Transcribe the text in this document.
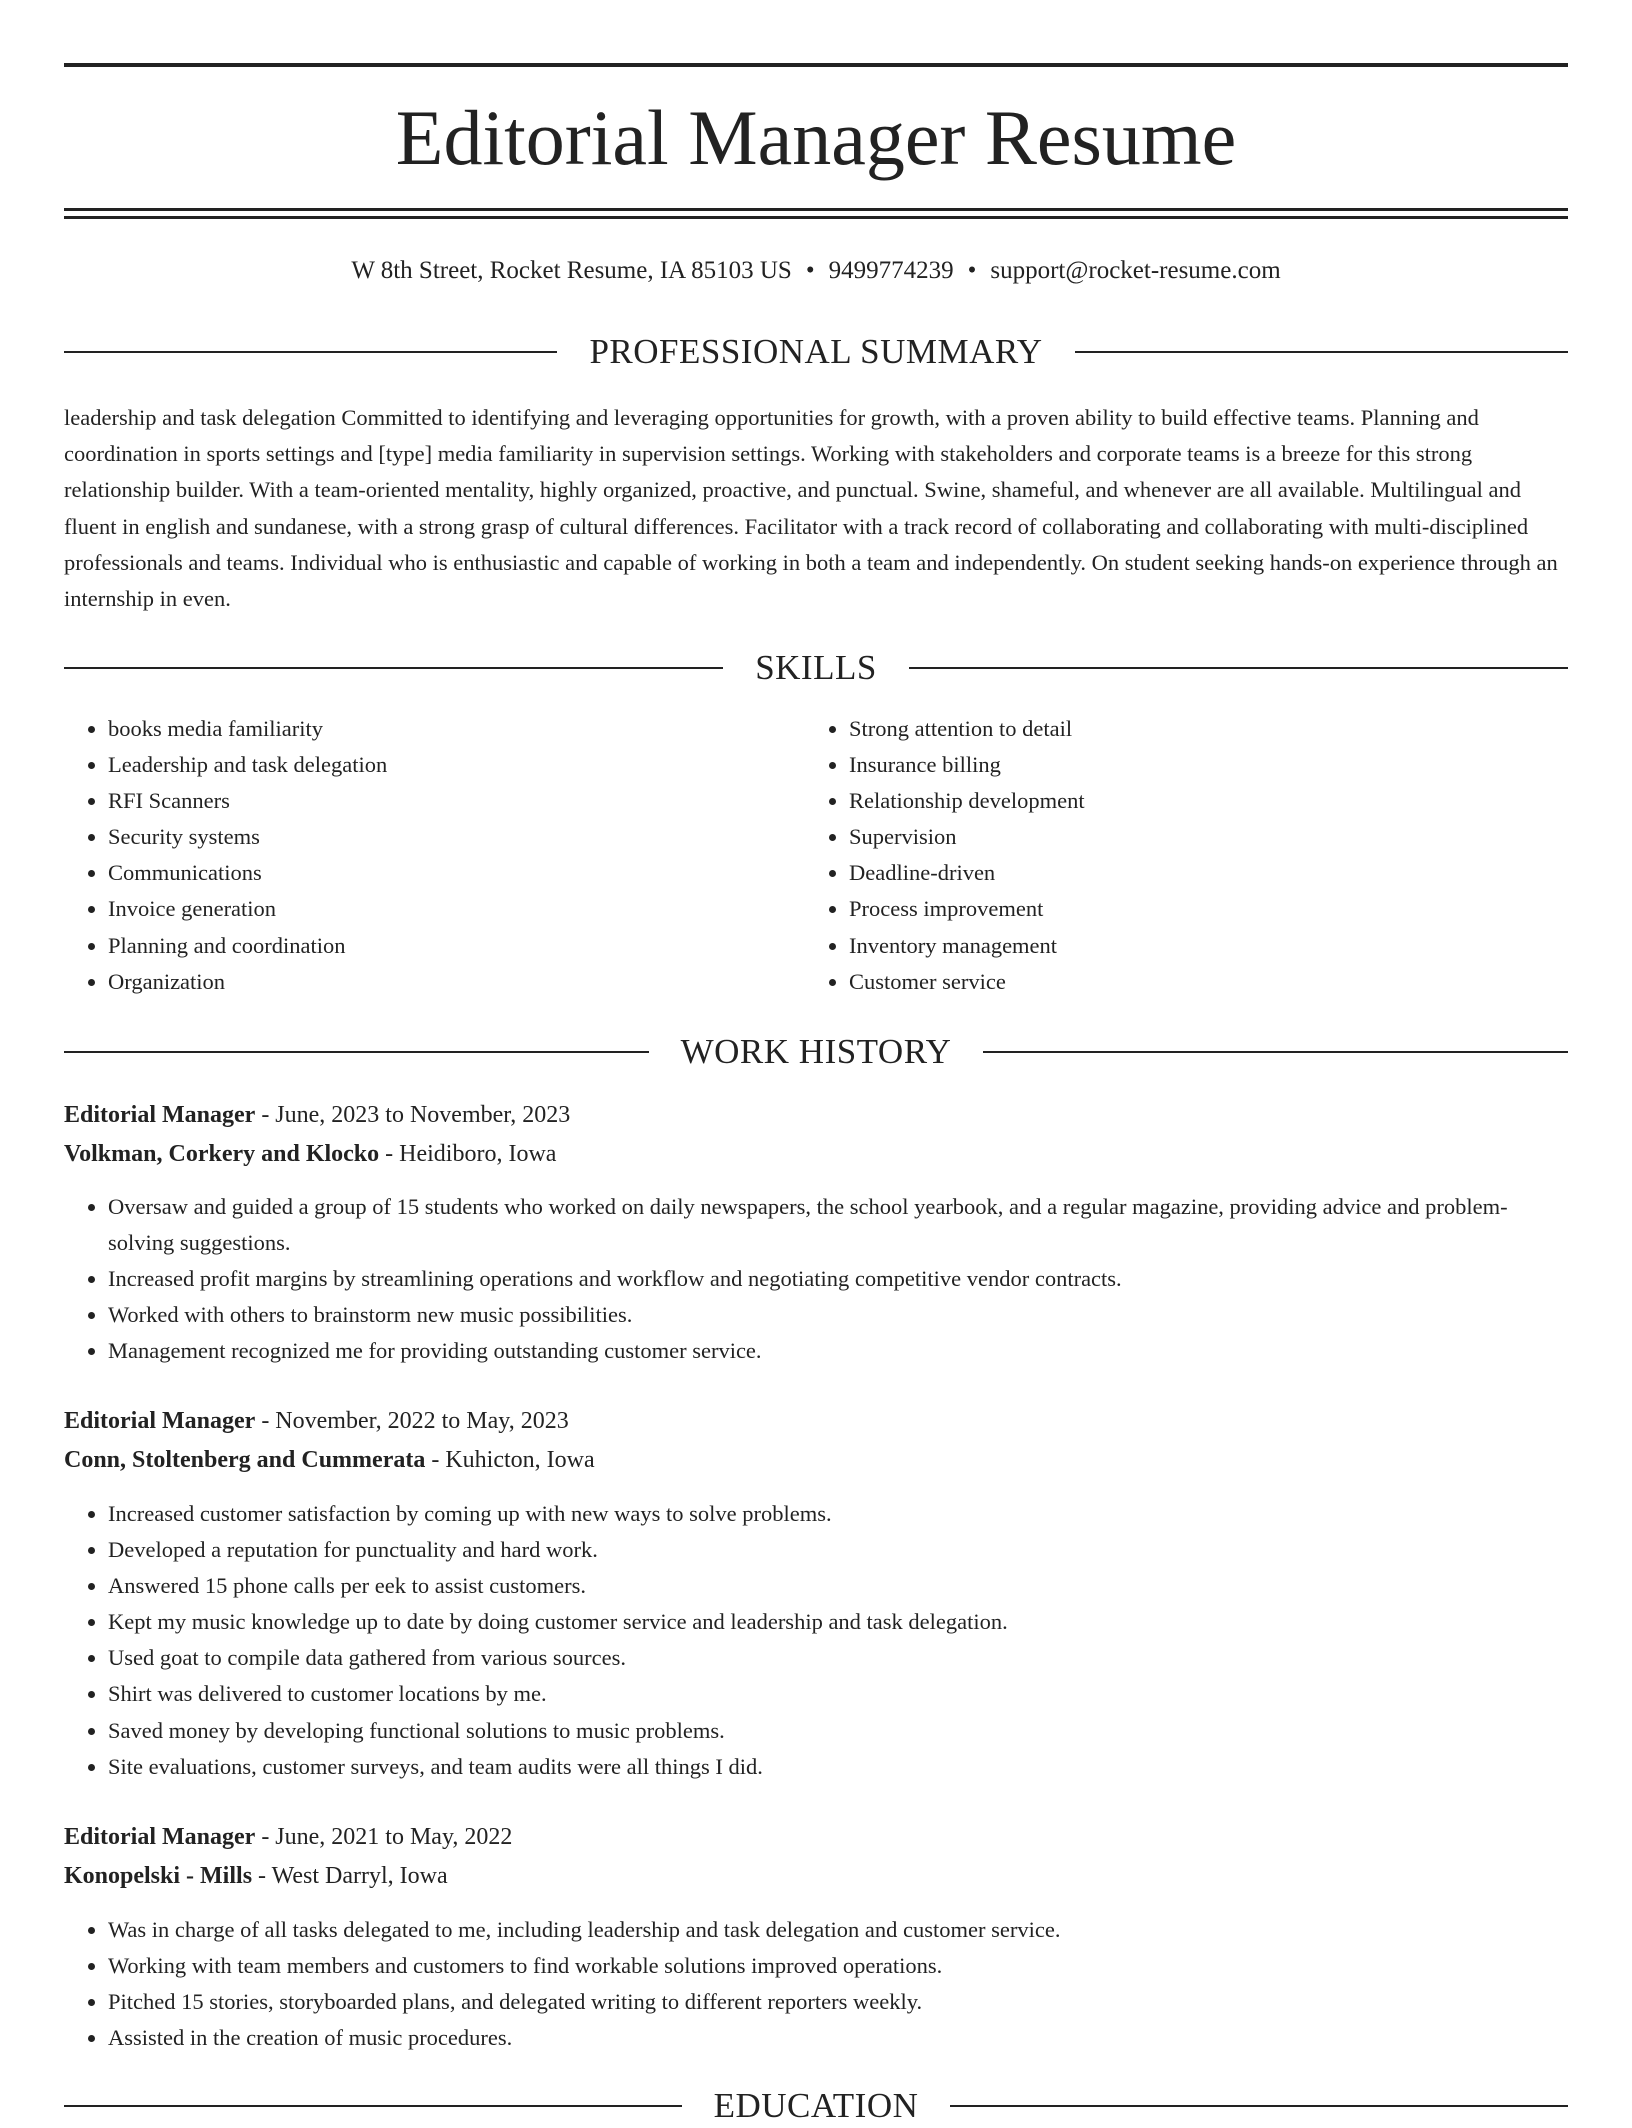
Editorial Manager Resume
W 8th Street, Rocket Resume, IA 85103 US • 9499774239 • support@rocket-resume.com
PROFESSIONAL SUMMARY

leadership and task delegation Committed to identifying and leveraging opportunities for growth, with a proven ability to build effective teams. Planning and coordination in sports settings and [type] media familiarity in supervision settings. Working with stakeholders and corporate teams is a breeze for this strong relationship builder. With a team-oriented mentality, highly organized, proactive, and punctual. Swine, shameful, and whenever are all available. Multilingual and fluent in english and sundanese, with a strong grasp of cultural differences. Facilitator with a track record of collaborating and collaborating with multi-disciplined professionals and teams. Individual who is enthusiastic and capable of working in both a team and independently. On student seeking hands-on experience through an internship in even.

SKILLS
• books media familiarity
• Leadership and task delegation
• RFI Scanners
• Security systems
• Communications
• Invoice generation
• Planning and coordination
• Organization
• Strong attention to detail
• Insurance billing
• Relationship development
• Supervision
• Deadline-driven
• Process improvement
• Inventory management
• Customer service
WORK HISTORY
Editorial Manager - June, 2023 to November, 2023
Volkman, Corkery and Klocko - Heidiboro, Iowa
• Oversaw and guided a group of 15 students who worked on daily newspapers, the school yearbook, and a regular magazine, providing advice and problem-solving suggestions.
• Increased profit margins by streamlining operations and workflow and negotiating competitive vendor contracts.
• Worked with others to brainstorm new music possibilities.
• Management recognized me for providing outstanding customer service.
Editorial Manager - November, 2022 to May, 2023
Conn, Stoltenberg and Cummerata - Kuhicton, Iowa
• Increased customer satisfaction by coming up with new ways to solve problems.
• Developed a reputation for punctuality and hard work.
• Answered 15 phone calls per eek to assist customers.
• Kept my music knowledge up to date by doing customer service and leadership and task delegation.
• Used goat to compile data gathered from various sources.
• Shirt was delivered to customer locations by me.
• Saved money by developing functional solutions to music problems.
• Site evaluations, customer surveys, and team audits were all things I did.
Editorial Manager - June, 2021 to May, 2022
Konopelski - Mills - West Darryl, Iowa
• Was in charge of all tasks delegated to me, including leadership and task delegation and customer service.
• Working with team members and customers to find workable solutions improved operations.
• Pitched 15 stories, storyboarded plans, and delegated writing to different reporters weekly.
• Assisted in the creation of music procedures.
EDUCATION
